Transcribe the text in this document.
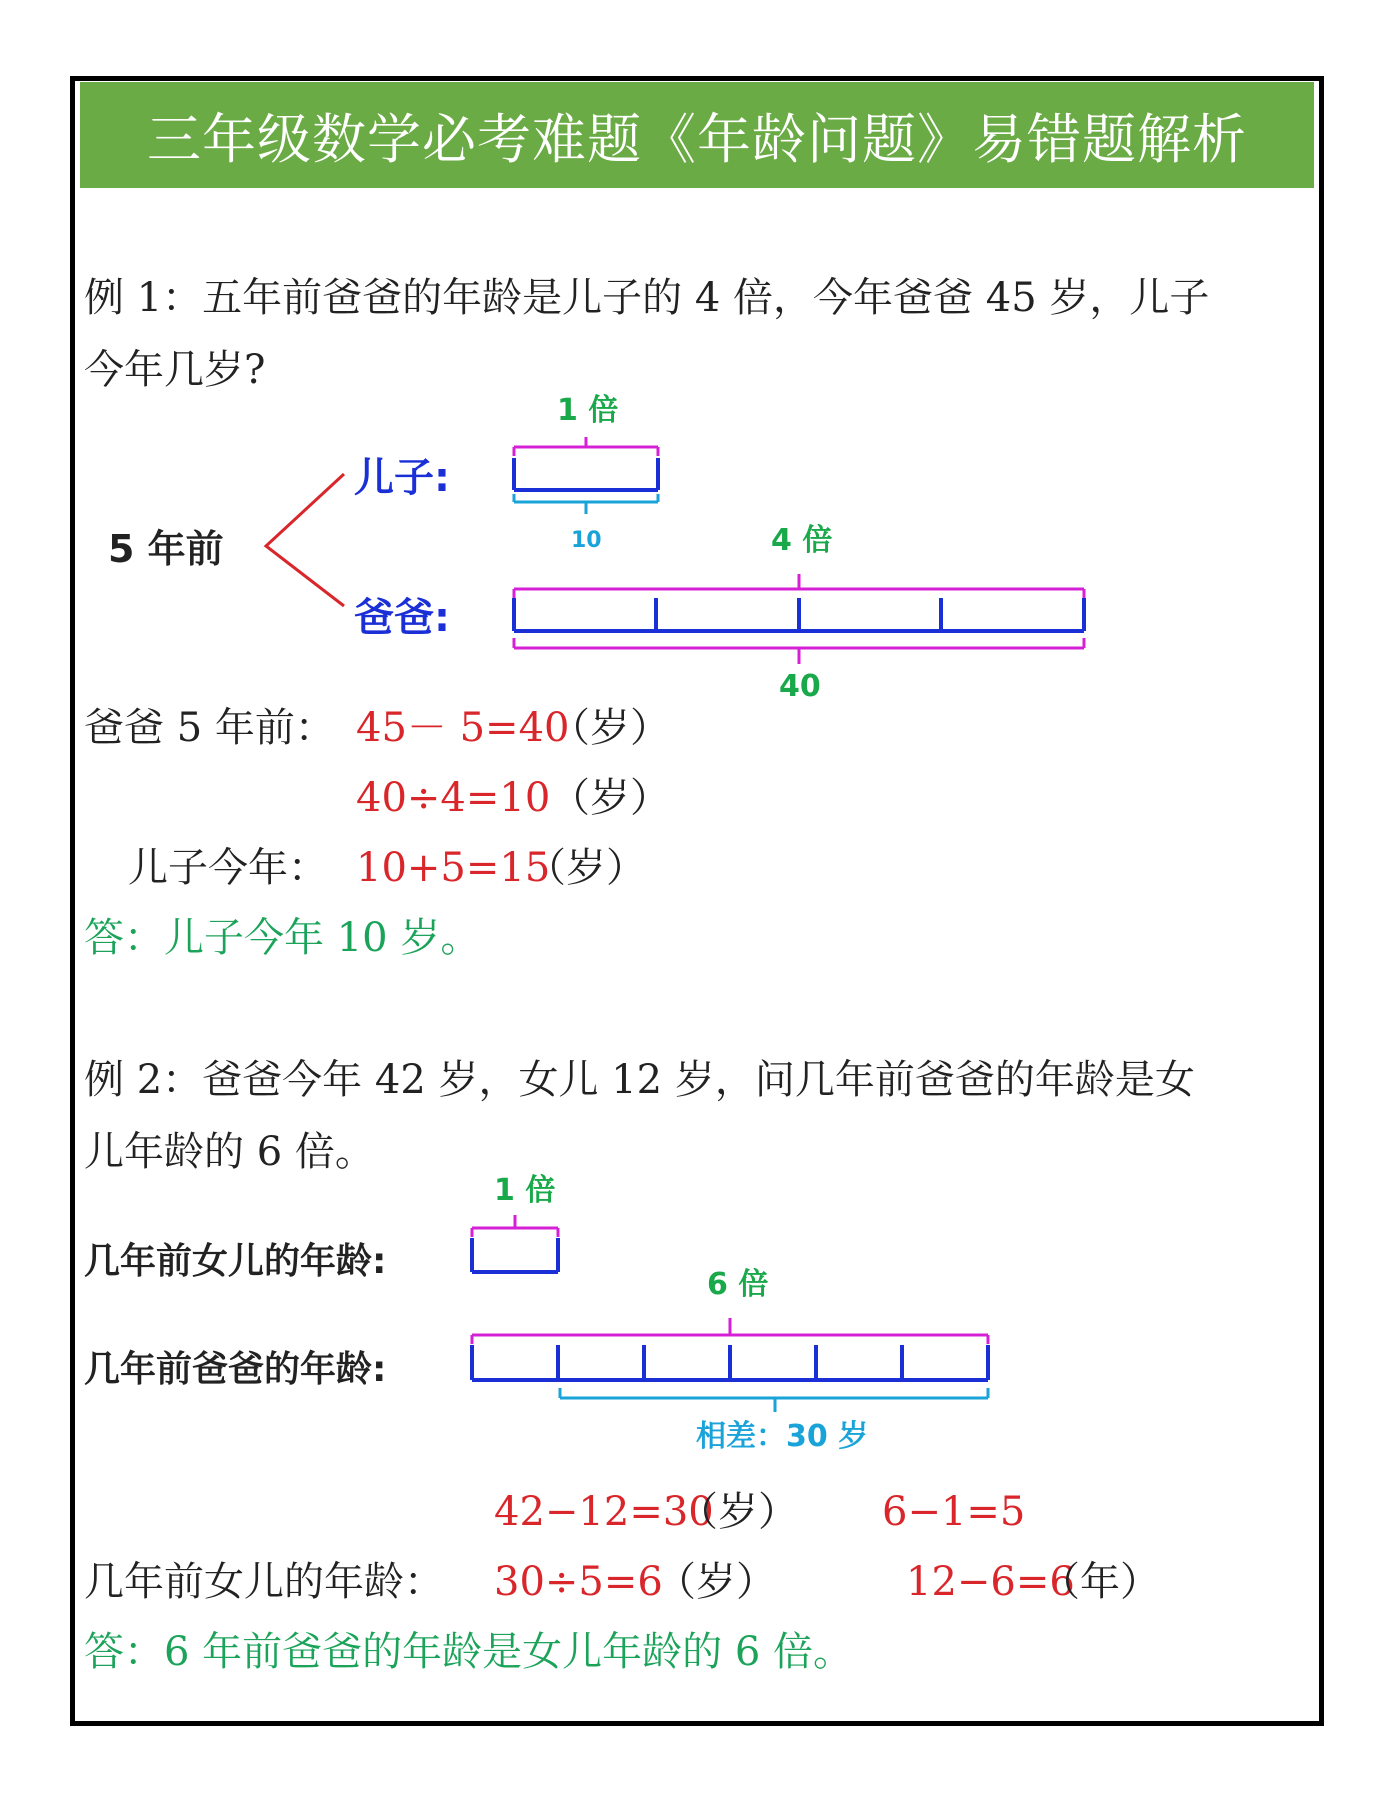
三年级数学必考难题《年龄问题》易错题解析
例 1：五年前爸爸的年龄是儿子的 4 倍，今年爸爸 45 岁，儿子
今年几岁?
5 年前
儿子:
爸爸:
1 倍
10	4 倍
40
爸爸 5 年前： 45－ 5=40
（岁）
40÷4=10 （岁）
儿子今年： 10+5=15
（岁）
答：儿子今年 10 岁。
例 2：爸爸今年 42 岁，女儿 12 岁，问几年前爸爸的年龄是女
儿年龄的 6 倍。
1 倍
几年前女儿的年龄:
6 倍
几年前爸爸的年龄:
相差：30 岁
42−12=30
（岁） 6−1=5
几年前女儿的年龄： 30÷5=6
（岁）	12−6=6
（年）
答：6 年前爸爸的年龄是女儿年龄的 6 倍。
